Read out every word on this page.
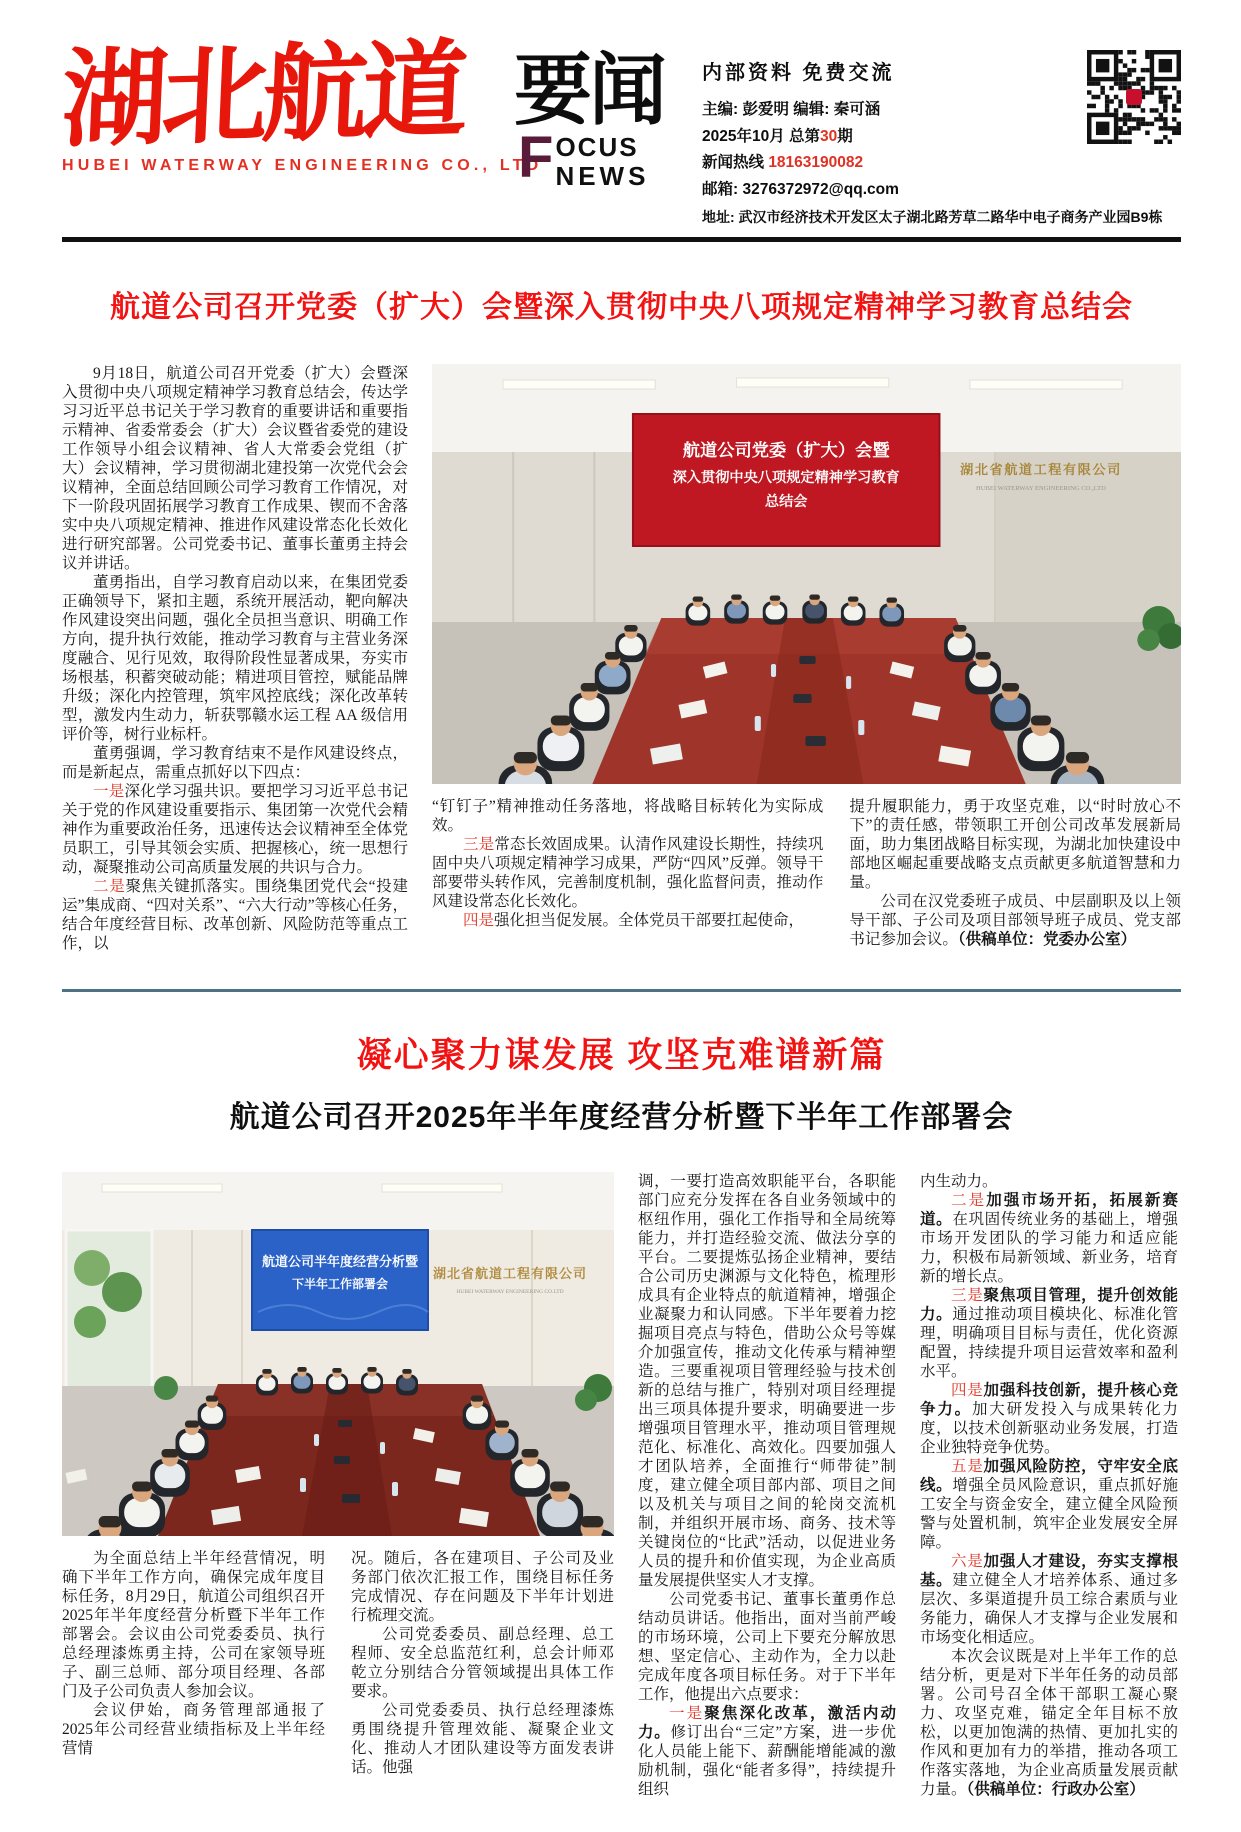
湖北航道
HUBEI WATERWAY ENGINEERING CO., LTD
要闻
F OCUS
NEWS
内部资料 免费交流
主编: 彭爱明 编辑: 秦可涵
2025年10月 总第30期
新闻热线 18163190082
邮箱: 3276372972@qq.com
地址: 武汉市经济技术开发区太子湖北路芳草二路华中电子商务产业园B9栋
航道公司召开党委（扩大）会暨深入贯彻中央八项规定精神学习教育总结会

9月18日，航道公司召开党委（扩大）会暨深入贯彻中央八项规定精神学习教育总结会，传达学习习近平总书记关于学习教育的重要讲话和重要指示精神、省委常委会（扩大）会议暨省委党的建设工作领导小组会议精神、省人大常委会党组（扩大）会议精神，学习贯彻湖北建投第一次党代会会议精神，全面总结回顾公司学习教育工作情况，对下一阶段巩固拓展学习教育工作成果、锲而不舍落实中央八项规定精神、推进作风建设常态化长效化进行研究部署。公司党委书记、董事长董勇主持会议并讲话。

董勇指出，自学习教育启动以来，在集团党委正确领导下，紧扣主题，系统开展活动，靶向解决作风建设突出问题，强化全员担当意识、明确工作方向，提升执行效能，推动学习教育与主营业务深度融合、见行见效，取得阶段性显著成果，夯实市场根基，积蓄突破动能；精进项目管控，赋能品牌升级；深化内控管理，筑牢风控底线；深化改革转型，激发内生动力，斩获鄂赣水运工程 AA 级信用评价等，树行业标杆。

董勇强调，学习教育结束不是作风建设终点，而是新起点，需重点抓好以下四点：

一是深化学习强共识。要把学习习近平总书记关于党的作风建设重要指示、集团第一次党代会精神作为重要政治任务，迅速传达会议精神至全体党员职工，引导其领会实质、把握核心，统一思想行动，凝聚推动公司高质量发展的共识与合力。

二是聚焦关键抓落实。围绕集团党代会“投建运”集成商、“四对关系”、“六大行动”等核心任务，结合年度经营目标、改革创新、风险防范等重点工作，以

湖北省航道工程有限公司
HUBEI WATERWAY ENGINEERING CO.,LTD
航道公司党委（扩大）会暨
深入贯彻中央八项规定精神学习教育
总结会

“钉钉子”精神推动任务落地，将战略目标转化为实际成效。

三是常态长效固成果。认清作风建设长期性，持续巩固中央八项规定精神学习成果，严防“四风”反弹。领导干部要带头转作风，完善制度机制，强化监督问责，推动作风建设常态化长效化。

四是强化担当促发展。全体党员干部要扛起使命，

提升履职能力，勇于攻坚克难，以“时时放心不下”的责任感，带领职工开创公司改革发展新局面，助力集团战略目标实现，为湖北加快建设中部地区崛起重要战略支点贡献更多航道智慧和力量。

公司在汉党委班子成员、中层副职及以上领导干部、子公司及项目部领导班子成员、党支部书记参加会议。（供稿单位：党委办公室）

凝心聚力谋发展 攻坚克难谱新篇
航道公司召开2025年半年度经营分析暨下半年工作部署会
湖北省航道工程有限公司
HUBEI WATERWAY ENGINEERING CO.LTD
航道公司半年度经营分析暨
下半年工作部署会

为全面总结上半年经营情况，明确下半年工作方向，确保完成年度目标任务，8月29日，航道公司组织召开2025年半年度经营分析暨下半年工作部署会。会议由公司党委委员、执行总经理漆炼勇主持，公司在家领导班子、副三总师、部分项目经理、各部门及子公司负责人参加会议。

会议伊始，商务管理部通报了2025年公司经营业绩指标及上半年经营情

况。随后，各在建项目、子公司及业务部门依次汇报工作，围绕目标任务完成情况、存在问题及下半年计划进行梳理交流。

公司党委委员、副总经理、总工程师、安全总监范红利，总会计师邓乾立分别结合分管领域提出具体工作要求。

公司党委委员、执行总经理漆炼勇围绕提升管理效能、凝聚企业文化、推动人才团队建设等方面发表讲话。他强

调，一要打造高效职能平台，各职能部门应充分发挥在各自业务领域中的枢纽作用，强化工作指导和全局统筹能力，并打造经验交流、做法分享的平台。二要提炼弘扬企业精神，要结合公司历史渊源与文化特色，梳理形成具有企业特点的航道精神，增强企业凝聚力和认同感。下半年要着力挖掘项目亮点与特色，借助公众号等媒介加强宣传，推动文化传承与精神塑造。三要重视项目管理经验与技术创新的总结与推广，特别对项目经理提出三项具体提升要求，明确要进一步增强项目管理水平，推动项目管理规范化、标准化、高效化。四要加强人才团队培养，全面推行“师带徒”制度，建立健全项目部内部、项目之间以及机关与项目之间的轮岗交流机制，并组织开展市场、商务、技术等关键岗位的“比武”活动，以促进业务人员的提升和价值实现，为企业高质量发展提供坚实人才支撑。

公司党委书记、董事长董勇作总结动员讲话。他指出，面对当前严峻的市场环境，公司上下要充分解放思想、坚定信心、主动作为，全力以赴完成年度各项目标任务。对于下半年工作，他提出六点要求：

一是聚焦深化改革，激活内动力。修订出台“三定”方案，进一步优化人员能上能下、薪酬能增能减的激励机制，强化“能者多得”，持续提升组织

内生动力。

二是加强市场开拓，拓展新赛道。在巩固传统业务的基础上，增强市场开发团队的学习能力和适应能力，积极布局新领域、新业务，培育新的增长点。

三是聚焦项目管理，提升创效能力。通过推动项目模块化、标准化管理，明确项目目标与责任，优化资源配置，持续提升项目运营效率和盈利水平。

四是加强科技创新，提升核心竞争力。加大研发投入与成果转化力度，以技术创新驱动业务发展，打造企业独特竞争优势。

五是加强风险防控，守牢安全底线。增强全员风险意识，重点抓好施工安全与资金安全，建立健全风险预警与处置机制，筑牢企业发展安全屏障。

六是加强人才建设，夯实支撑根基。建立健全人才培养体系、通过多层次、多渠道提升员工综合素质与业务能力，确保人才支撑与企业发展和市场变化相适应。

本次会议既是对上半年工作的总结分析，更是对下半年任务的动员部署。公司号召全体干部职工凝心聚力、攻坚克难，锚定全年目标不放松，以更加饱满的热情、更加扎实的作风和更加有力的举措，推动各项工作落实落地，为企业高质量发展贡献力量。（供稿单位：行政办公室）
